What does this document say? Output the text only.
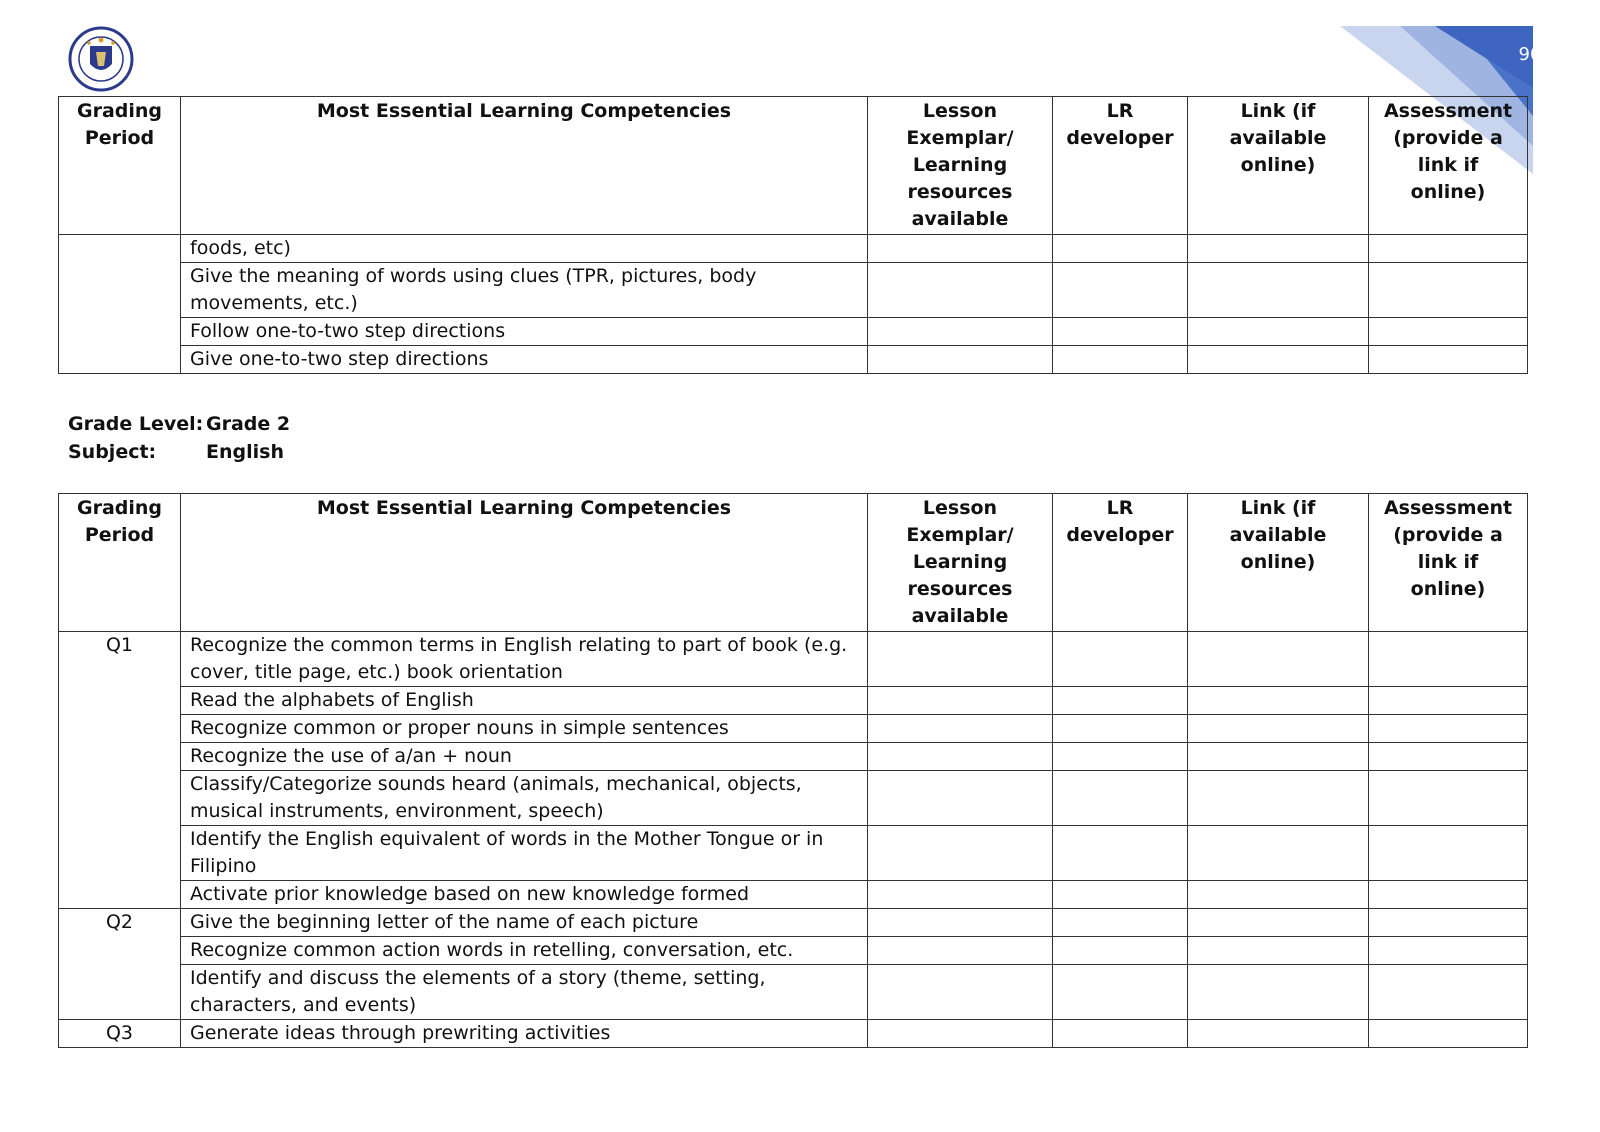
90
Grading Period	Most Essential Learning Competencies	Lesson Exemplar/ Learning resources available	LR developer	Link (if available online)	Assessment (provide a link if online)
	foods, etc)				
	Give the meaning of words using clues (TPR, pictures, body movements, etc.)				
	Follow one-to-two step directions				
	Give one-to-two step directions				
Grade Level: Grade 2
Subject:	English
Grading Period	Most Essential Learning Competencies	Lesson Exemplar/ Learning resources available	LR developer	Link (if available online)	Assessment (provide a link if online)
Q1	Recognize the common terms in English relating to part of book (e.g. cover, title page, etc.) book orientation				
	Read the alphabets of English				
	Recognize common or proper nouns in simple sentences				
	Recognize the use of a/an + noun				
	Classify/Categorize sounds heard (animals, mechanical, objects, musical instruments, environment, speech)				
	Identify the English equivalent of words in the Mother Tongue or in Filipino				
	Activate prior knowledge based on new knowledge formed				
Q2	Give the beginning letter of the name of each picture				
	Recognize common action words in retelling, conversation, etc.				
	Identify and discuss the elements of a story (theme, setting, characters, and events)				
Q3	Generate ideas through prewriting activities				
